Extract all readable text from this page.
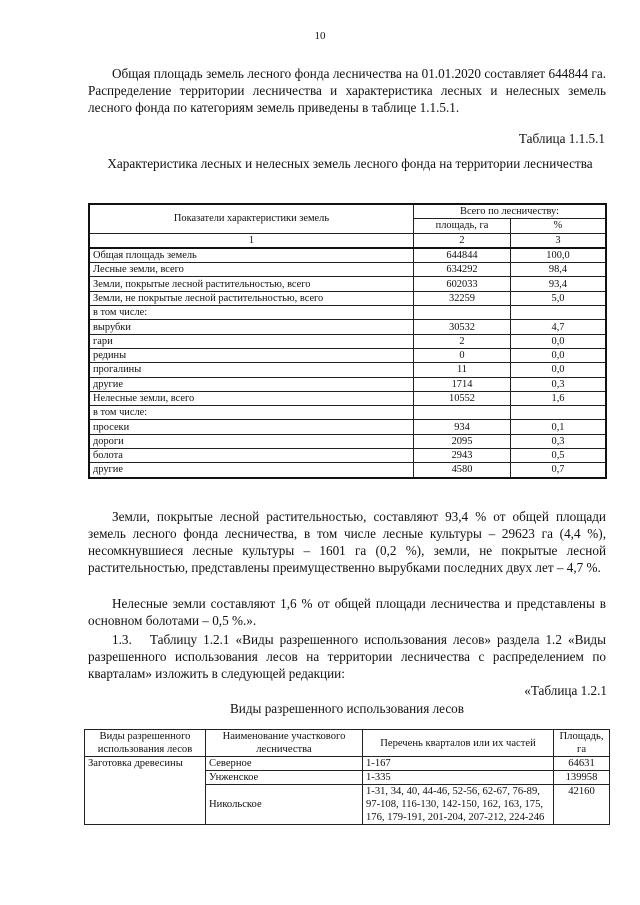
10

Общая площадь земель лесного фонда лесничества на 01.01.2020 составляет 644844 га. Распределение территории лесничества и характеристика лесных и нелесных земель лесного фонда по категориям земель приведены в таблице 1.1.5.1.

Таблица 1.1.5.1
Характеристика лесных и нелесных земель лесного фонда на территории лесничества
Показатели характеристики земель	Всего по лесничеству:	
	площадь, га	%
1	2	3
Общая площадь земель	644844	100,0
Лесные земли, всего	634292	98,4
Земли, покрытые лесной растительностью, всего	602033	93,4
Земли, не покрытые лесной растительностью, всего	32259	5,0
в том числе:		
вырубки	30532	4,7
гари	2	0,0
редины	0	0,0
прогалины	11	0,0
другие	1714	0,3
Нелесные земли, всего	10552	1,6
в том числе:		
просеки	934	0,1
дороги	2095	0,3
болота	2943	0,5
другие	4580	0,7

Земли, покрытые лесной растительностью, составляют 93,4 % от общей площади земель лесного фонда лесничества, в том числе лесные культуры – 29623 га (4,4 %), несомкнувшиеся лесные культуры – 1601 га (0,2 %), земли, не покрытые лесной растительностью, представлены преимущественно вырубками последних двух лет – 4,7 %.

Нелесные земли составляют 1,6 % от общей площади лесничества и представлены в основном болотами – 0,5 %.».

1.3.   Таблицу 1.2.1 «Виды разрешенного использования лесов» раздела 1.2 «Виды разрешенного использования лесов на территории лесничества с распределением по кварталам» изложить в следующей редакции:

«Таблица 1.2.1
Виды разрешенного использования лесов
Виды разрешенного использования лесов	Наименование участкового лесничества	Перечень кварталов или их частей	Площадь, га
Заготовка древесины	Северное	1-167	64631
	Унженское	1-335	139958
	Никольское	1-31, 34, 40, 44-46, 52-56, 62-67, 76-89, 97-108, 116-130, 142-150, 162, 163, 175, 176, 179-191, 201-204, 207-212, 224-246	42160
